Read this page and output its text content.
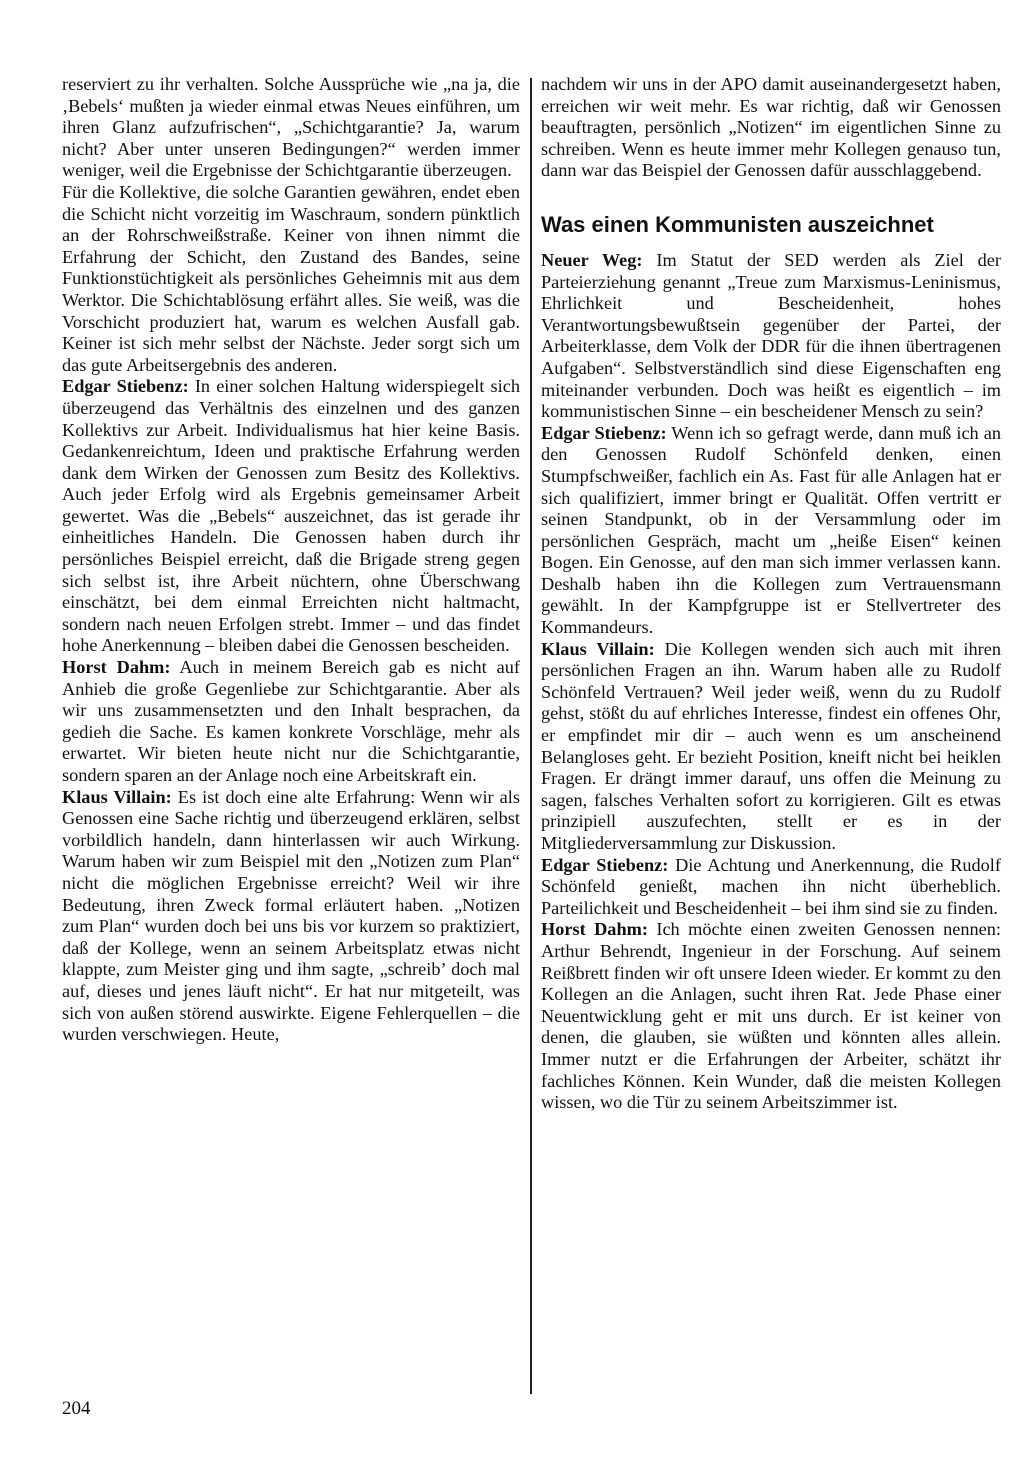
reserviert zu ihr verhalten. Solche Aussprüche wie „na ja, die ‚Bebels‘ mußten ja wieder einmal etwas Neues einführen, um ihren Glanz aufzufrischen“, „Schichtgarantie? Ja, warum nicht? Aber unter unseren Bedingungen?“ werden immer weniger, weil die Ergebnisse der Schichtgarantie überzeugen.

Für die Kollektive, die solche Garantien gewähren, endet eben die Schicht nicht vorzeitig im Waschraum, sondern pünktlich an der Rohrschweißstraße. Keiner von ihnen nimmt die Erfahrung der Schicht, den Zustand des Bandes, seine Funktionstüchtigkeit als persönliches Geheimnis mit aus dem Werktor. Die Schichtablösung erfährt alles. Sie weiß, was die Vorschicht produziert hat, warum es welchen Ausfall gab. Keiner ist sich mehr selbst der Nächste. Jeder sorgt sich um das gute Arbeitsergebnis des anderen.

Edgar Stiebenz: In einer solchen Haltung widerspiegelt sich überzeugend das Verhältnis des einzelnen und des ganzen Kollektivs zur Arbeit. Individualismus hat hier keine Basis. Gedankenreichtum, Ideen und praktische Erfahrung werden dank dem Wirken der Genossen zum Besitz des Kollektivs. Auch jeder Erfolg wird als Ergebnis gemeinsamer Arbeit gewertet. Was die „Bebels“ auszeichnet, das ist gerade ihr einheitliches Handeln. Die Genossen haben durch ihr persönliches Beispiel erreicht, daß die Brigade streng gegen sich selbst ist, ihre Arbeit nüchtern, ohne Überschwang einschätzt, bei dem einmal Erreichten nicht haltmacht, sondern nach neuen Erfolgen strebt. Immer – und das findet hohe Anerkennung – bleiben dabei die Genossen bescheiden.

Horst Dahm: Auch in meinem Bereich gab es nicht auf Anhieb die große Gegenliebe zur Schichtgarantie. Aber als wir uns zusammensetzten und den Inhalt besprachen, da gedieh die Sache. Es kamen konkrete Vorschläge, mehr als erwartet. Wir bieten heute nicht nur die Schichtgarantie, sondern sparen an der Anlage noch eine Arbeitskraft ein.

Klaus Villain: Es ist doch eine alte Erfahrung: Wenn wir als Genossen eine Sache richtig und überzeugend erklären, selbst vorbildlich handeln, dann hinterlassen wir auch Wirkung. Warum haben wir zum Beispiel mit den „Notizen zum Plan“ nicht die möglichen Ergebnisse erreicht? Weil wir ihre Bedeutung, ihren Zweck formal erläutert haben. „Notizen zum Plan“ wurden doch bei uns bis vor kurzem so praktiziert, daß der Kollege, wenn an seinem Arbeitsplatz etwas nicht klappte, zum Meister ging und ihm sagte, „schreib’ doch mal auf, dieses und jenes läuft nicht“. Er hat nur mitgeteilt, was sich von außen störend auswirkte. Eigene Fehlerquellen – die wurden verschwiegen. Heute,

nachdem wir uns in der APO damit auseinandergesetzt haben, erreichen wir weit mehr. Es war richtig, daß wir Genossen beauftragten, persönlich „Notizen“ im eigentlichen Sinne zu schreiben. Wenn es heute immer mehr Kollegen genauso tun, dann war das Beispiel der Genossen dafür ausschlaggebend.

Was einen Kommunisten auszeichnet

Neuer Weg: Im Statut der SED werden als Ziel der Parteierziehung genannt „Treue zum Marxismus-Leninismus, Ehrlichkeit und Bescheidenheit, hohes Verantwortungsbewußtsein gegenüber der Partei, der Arbeiterklasse, dem Volk der DDR für die ihnen übertragenen Aufgaben“. Selbstverständlich sind diese Eigenschaften eng miteinander verbunden. Doch was heißt es eigentlich – im kommunistischen Sinne – ein bescheidener Mensch zu sein?

Edgar Stiebenz: Wenn ich so gefragt werde, dann muß ich an den Genossen Rudolf Schönfeld denken, einen Stumpfschweißer, fachlich ein As. Fast für alle Anlagen hat er sich qualifiziert, immer bringt er Qualität. Offen vertritt er seinen Standpunkt, ob in der Versammlung oder im persönlichen Gespräch, macht um „heiße Eisen“ keinen Bogen. Ein Genosse, auf den man sich immer verlassen kann. Deshalb haben ihn die Kollegen zum Vertrauensmann gewählt. In der Kampfgruppe ist er Stellvertreter des Kommandeurs.

Klaus Villain: Die Kollegen wenden sich auch mit ihren persönlichen Fragen an ihn. Warum haben alle zu Rudolf Schönfeld Vertrauen? Weil jeder weiß, wenn du zu Rudolf gehst, stößt du auf ehrliches Interesse, findest ein offenes Ohr, er empfindet mir dir – auch wenn es um anscheinend Belangloses geht. Er bezieht Position, kneift nicht bei heiklen Fragen. Er drängt immer darauf, uns offen die Meinung zu sagen, falsches Verhalten sofort zu korrigieren. Gilt es etwas prinzipiell auszufechten, stellt er es in der Mitgliederversammlung zur Diskussion.

Edgar Stiebenz: Die Achtung und Anerkennung, die Rudolf Schönfeld genießt, machen ihn nicht überheblich. Parteilichkeit und Bescheidenheit – bei ihm sind sie zu finden.

Horst Dahm: Ich möchte einen zweiten Genossen nennen: Arthur Behrendt, Ingenieur in der Forschung. Auf seinem Reißbrett finden wir oft unsere Ideen wieder. Er kommt zu den Kollegen an die Anlagen, sucht ihren Rat. Jede Phase einer Neuentwicklung geht er mit uns durch. Er ist keiner von denen, die glauben, sie wüßten und könnten alles allein. Immer nutzt er die Erfahrungen der Arbeiter, schätzt ihr fachliches Können. Kein Wunder, daß die meisten Kollegen wissen, wo die Tür zu seinem Arbeitszimmer ist.

204
